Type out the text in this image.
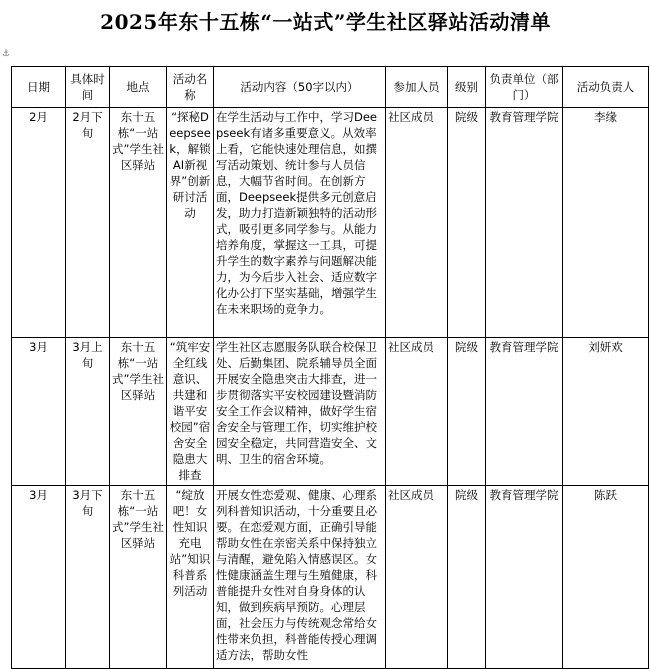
2025年东十五栋“一站式”学生社区驿站活动清单
⚓
日期	具体时间	地点	活动名称	活动内容（50字以内）	参加人员	级别	负责单位（部门）	活动负责人
2月	2月下旬	东十五栋“一站式”学生社区驿站	“探秘Deepseek，解锁AI新视界”创新研讨活动	在学生活动与工作中，学习Deepseek有诸多重要意义。从效率上看，它能快速处理信息，如撰写活动策划、统计参与人员信息，大幅节省时间。在创新方面，Deepseek提供多元创意启发，助力打造新颖独特的活动形式，吸引更多同学参与。从能力培养角度，掌握这一工具，可提升学生的数字素养与问题解决能力，为今后步入社会、适应数字化办公打下坚实基础，增强学生在未来职场的竞争力。	社区成员	院级	教育管理学院	李缘
3月	3月上旬	东十五栋“一站式”学生社区驿站	“筑牢安全红线意识、共建和谐平安校园”宿舍安全隐患大排查	学生社区志愿服务队联合校保卫处、后勤集团、院系辅导员全面开展安全隐患突击大排查，进一步贯彻落实平安校园建设暨消防安全工作会议精神，做好学生宿舍安全与管理工作，切实维护校园安全稳定，共同营造安全、文明、卫生的宿舍环境。	社区成员	院级	教育管理学院	刘妍欢
3月	3月下旬	东十五栋“一站式”学生社区驿站	“绽放吧！女性知识充电站”知识科普系列活动	开展女性恋爱观、健康、心理系列科普知识活动，十分重要且必要。在恋爱观方面，正确引导能帮助女性在亲密关系中保持独立与清醒，避免陷入情感误区。女性健康涵盖生理与生殖健康，科普能提升女性对自身身体的认知，做到疾病早预防。心理层面，社会压力与传统观念常给女性带来负担，科普能传授心理调适方法，帮助女性	社区成员	院级	教育管理学院	陈跃
